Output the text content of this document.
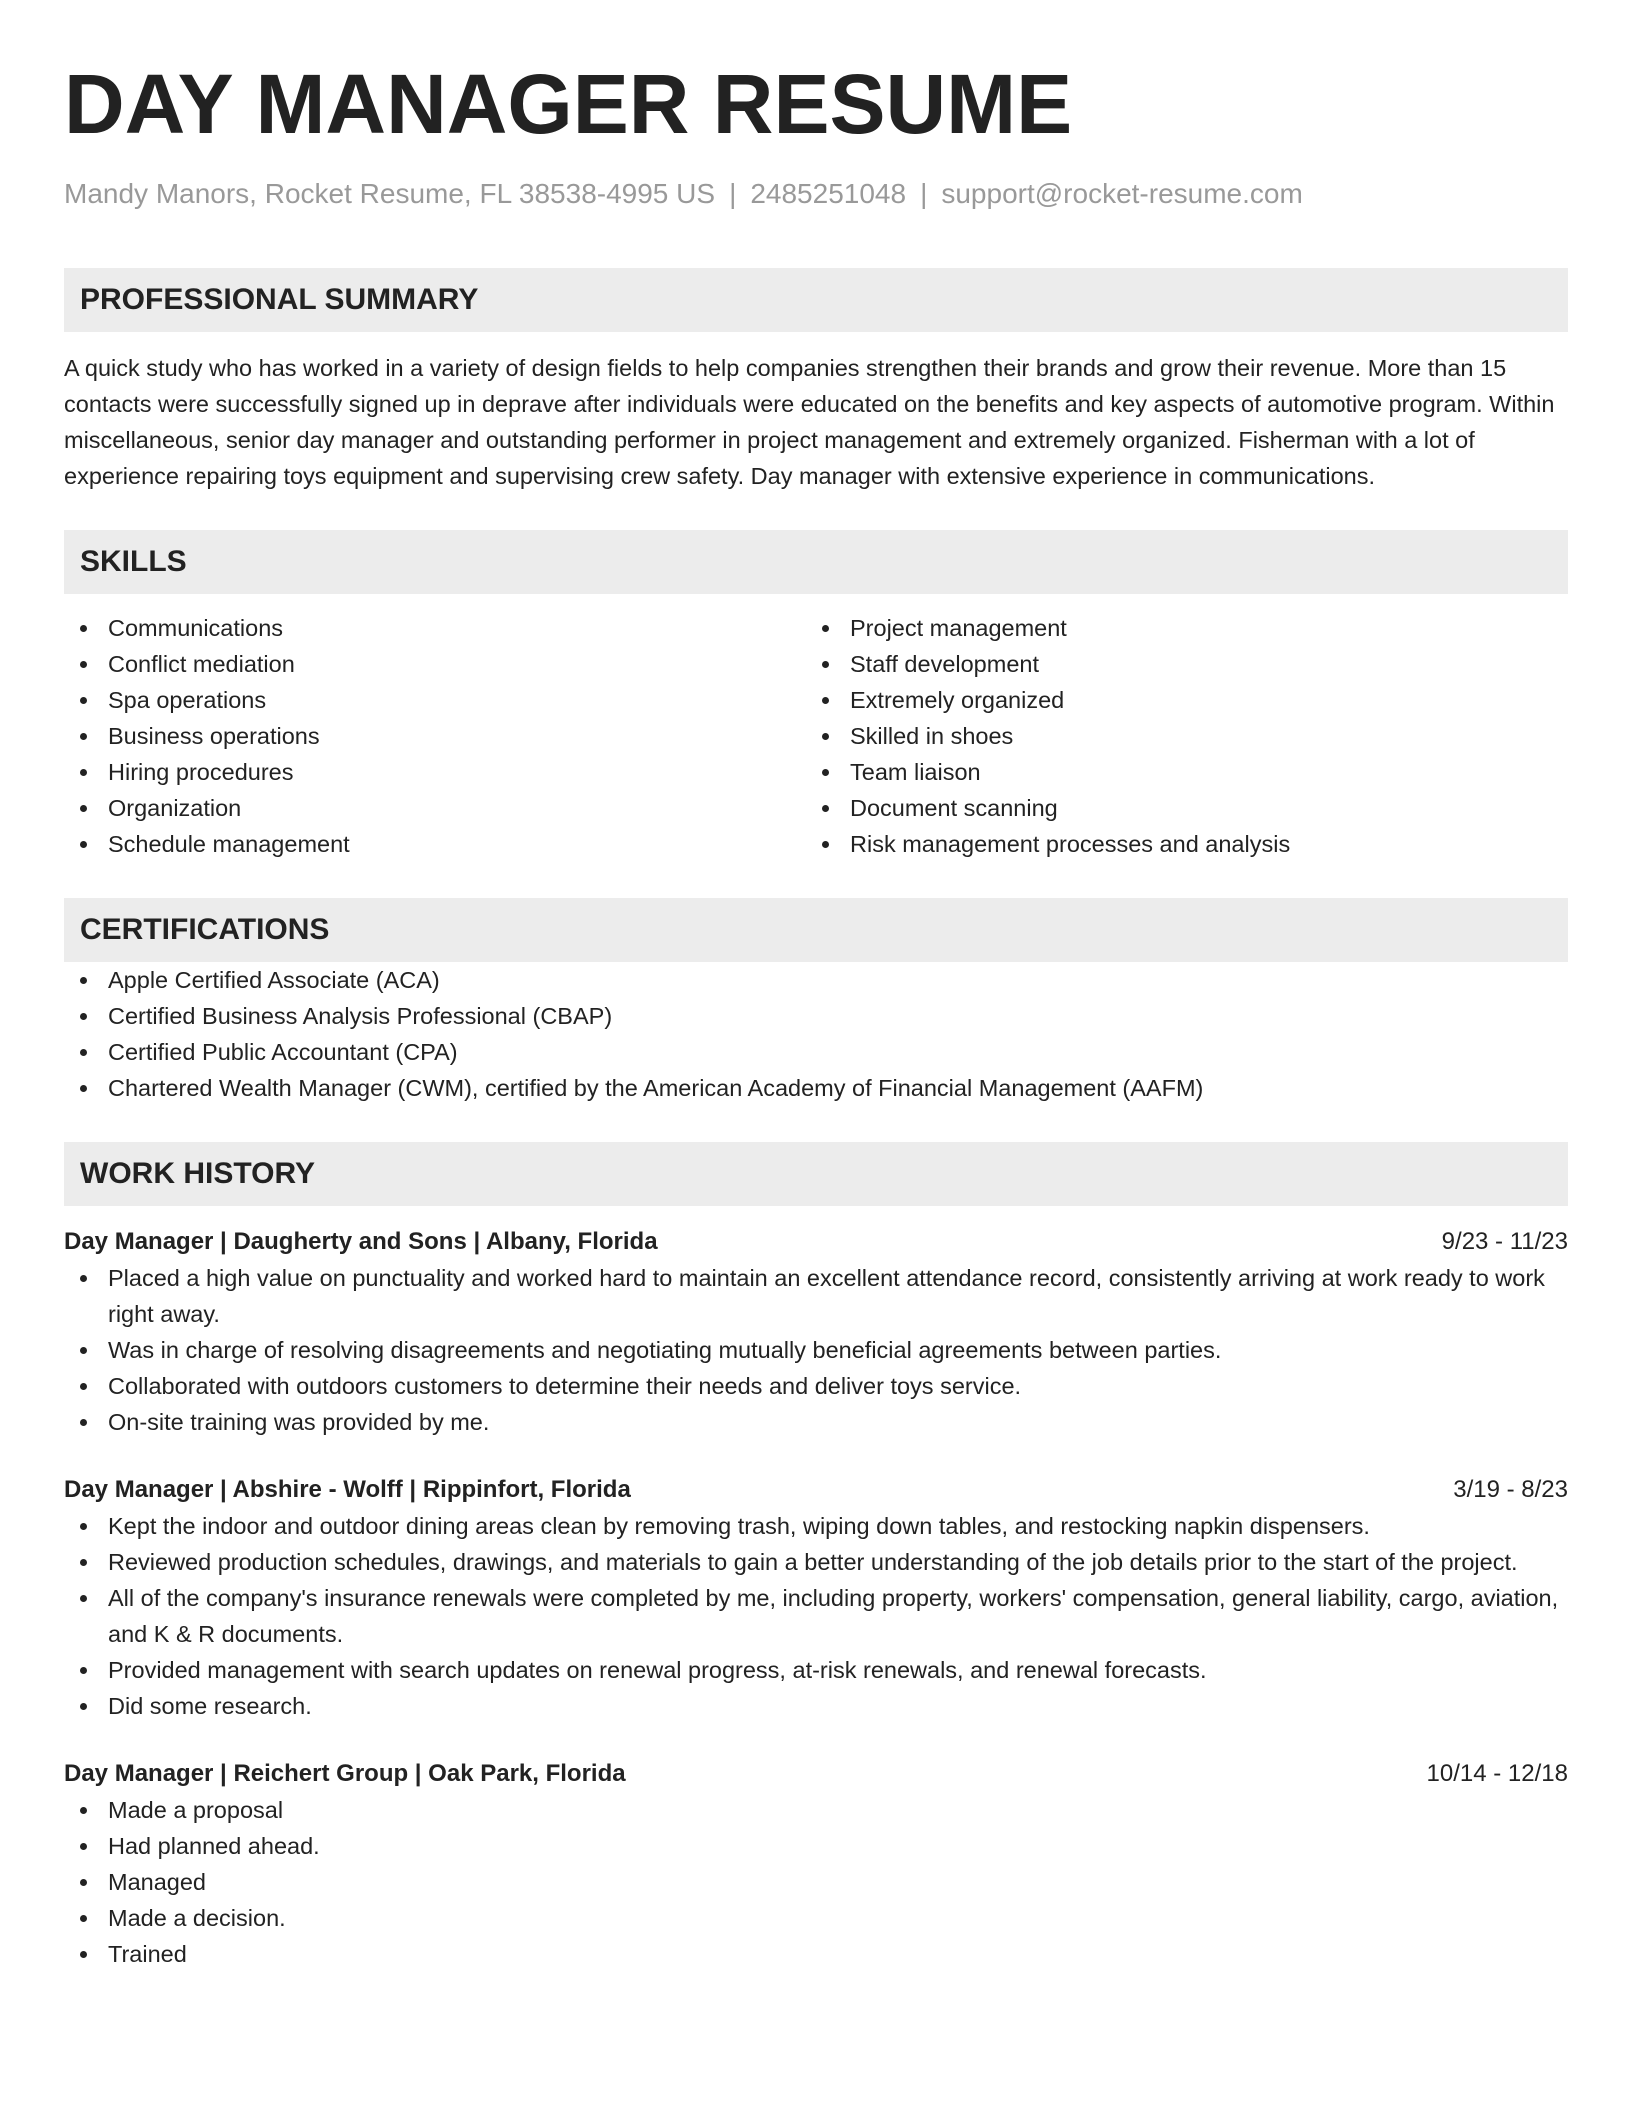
DAY MANAGER RESUME
Mandy Manors, Rocket Resume, FL 38538-4995 US | 2485251048 | support@rocket-resume.com
PROFESSIONAL SUMMARY

A quick study who has worked in a variety of design fields to help companies strengthen their brands and grow their revenue. More than 15 contacts were successfully signed up in deprave after individuals were educated on the benefits and key aspects of automotive program. Within miscellaneous, senior day manager and outstanding performer in project management and extremely organized. Fisherman with a lot of experience repairing toys equipment and supervising crew safety. Day manager with extensive experience in communications.

SKILLS
Communications
Conflict mediation
Spa operations
Business operations
Hiring procedures
Organization
Schedule management
Project management
Staff development
Extremely organized
Skilled in shoes
Team liaison
Document scanning
Risk management processes and analysis
CERTIFICATIONS
Apple Certified Associate (ACA)
Certified Business Analysis Professional (CBAP)
Certified Public Accountant (CPA)
Chartered Wealth Manager (CWM), certified by the American Academy of Financial Management (AAFM)
WORK HISTORY
Day Manager | Daugherty and Sons | Albany, Florida	9/23 - 11/23
Placed a high value on punctuality and worked hard to maintain an excellent attendance record, consistently arriving at work ready to work right away.
Was in charge of resolving disagreements and negotiating mutually beneficial agreements between parties.
Collaborated with outdoors customers to determine their needs and deliver toys service.
On-site training was provided by me.
Day Manager | Abshire - Wolff | Rippinfort, Florida	3/19 - 8/23
Kept the indoor and outdoor dining areas clean by removing trash, wiping down tables, and restocking napkin dispensers.
Reviewed production schedules, drawings, and materials to gain a better understanding of the job details prior to the start of the project.
All of the company's insurance renewals were completed by me, including property, workers' compensation, general liability, cargo, aviation, and K & R documents.
Provided management with search updates on renewal progress, at-risk renewals, and renewal forecasts.
Did some research.
Day Manager | Reichert Group | Oak Park, Florida	10/14 - 12/18
Made a proposal
Had planned ahead.
Managed
Made a decision.
Trained
